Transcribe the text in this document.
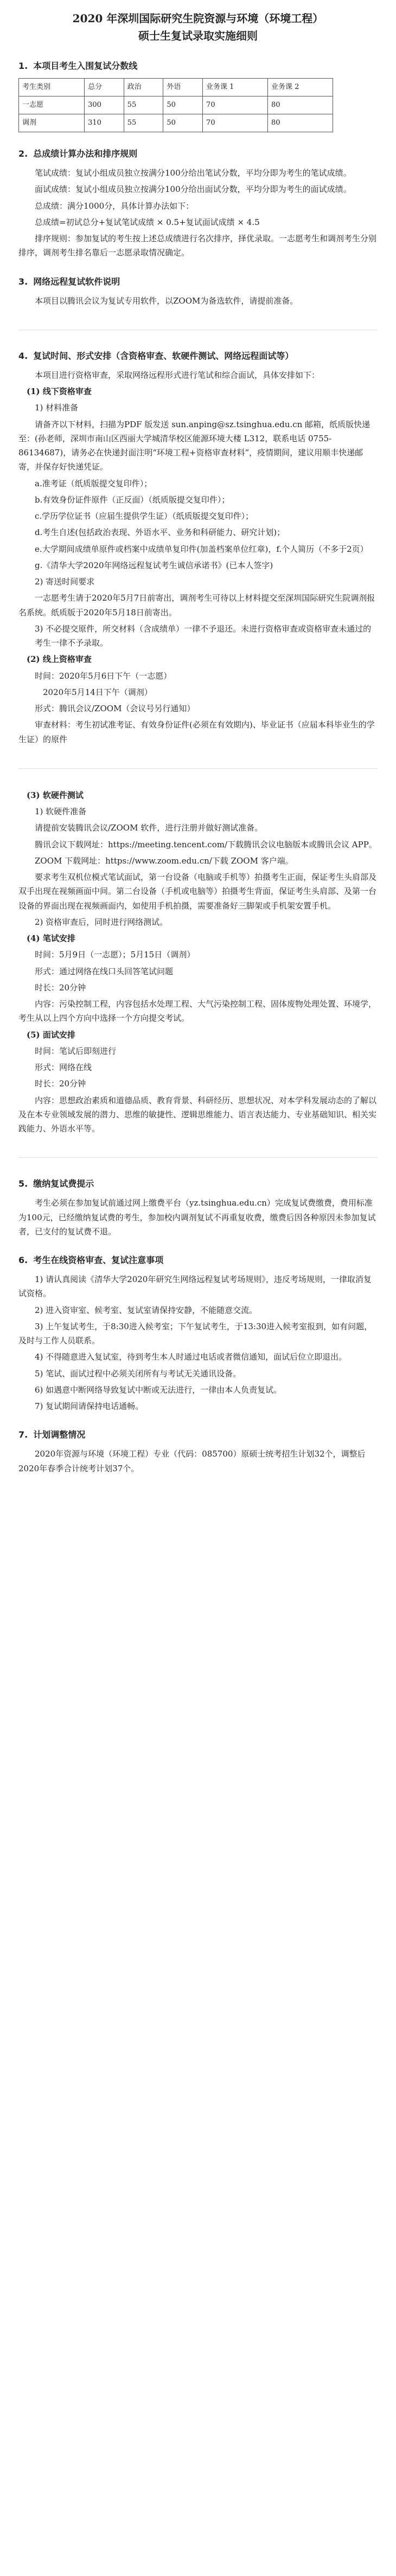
2020 年深圳国际研究生院资源与环境（环境工程）
硕士生复试录取实施细则
1. 本项目考生入围复试分数线
考生类别	总分	政治	外语	业务课 1	业务课 2
一志愿	300	55	50	70	80
调剂	310	55	50	70	80
2. 总成绩计算办法和排序规则

笔试成绩：复试小组成员独立按满分100分给出笔试分数，平均分即为考生的笔试成绩。

面试成绩：复试小组成员独立按满分100分给出面试分数，平均分即为考生的面试成绩。

总成绩：满分1000分，具体计算办法如下：

总成绩=初试总分+复试笔试成绩 × 0.5+复试面试成绩 × 4.5

排序规则：参加复试的考生按上述总成绩进行名次排序，择优录取。一志愿考生和调剂考生分别排序，调剂考生排名靠后一志愿录取情况确定。

3. 网络远程复试软件说明

本项目以腾讯会议为复试专用软件，以ZOOM为备选软件，请提前准备。

4. 复试时间、形式安排（含资格审查、软硬件测试、网络远程面试等）

本项目进行资格审查，采取网络远程形式进行笔试和综合面试，具体安排如下：

(1) 线下资格审查

1) 材料准备

请备齐以下材料，扫描为PDF 版发送 sun.anping@sz.tsinghua.edu.cn 邮箱，纸质版快递至：(孙老师，深圳市南山区西丽大学城清华校区能源环境大楼 L312，联系电话 0755-86134687)，请务必在快递封面注明“环境工程+资格审查材料”，疫情期间，建议用顺丰快递邮寄，并保存好快递凭证。

a.准考证（纸质版提交复印件）；

b.有效身份证件原件（正反面）（纸质版提交复印件）；

c.学历学位证书（应届生提供学生证）（纸质版提交复印件）；

d.考生自述(包括政治表现、外语水平、业务和科研能力、研究计划)；

e.大学期间成绩单原件或档案中成绩单复印件(加盖档案单位红章)，f.个人简历（不多于2页）

g.《清华大学2020年网络远程复试考生诚信承诺书》(已本人签字)

2) 寄送时间要求

一志愿考生请于2020年5月7日前寄出，调剂考生可待以上材料提交至深圳国际研究生院调剂报名系统。纸质版于2020年5月18日前寄出。

3) 不必提交原件，所交材料（含成绩单）一律不予退还。未进行资格审查或资格审查未通过的考生一律不予录取。

(2) 线上资格审查

时间：2020年5月6日下午（一志愿）

2020年5月14日下午（调剂）

形式：腾讯会议/ZOOM（会议号另行通知）

审查材料：考生初试准考证、有效身份证件(必须在有效期内)、毕业证书（应届本科毕业生的学生证）的原件

(3) 软硬件测试

1) 软硬件准备

请提前安装腾讯会议/ZOOM 软件，进行注册并做好测试准备。

腾讯会议下载网址：https://meeting.tencent.com/下载腾讯会议电脑版本或腾讯会议 APP。

ZOOM 下载网址：https://www.zoom.edu.cn/下载 ZOOM 客户端。

要求考生双机位模式笔试面试，第一台设备（电脑或手机等）拍摄考生正面，保证考生头肩部及双手出现在视频画面中间。第二台设备（手机或电脑等）拍摄考生背面，保证考生头肩部、及第一台设备的界面出现在视频画面内，如使用手机拍摄，需要准备好三脚架或手机架安置手机。

2) 资格审查后，同时进行网络测试。

(4) 笔试安排

时间：5月9日（一志愿）；5月15日（调剂）

形式：通过网络在线口头回答笔试问题

时长：20分钟

内容：污染控制工程，内容包括水处理工程、大气污染控制工程、固体废物处理处置、环境学，考生从以上四个方向中选择一个方向提交考试。

(5) 面试安排

时间：笔试后即刻进行

形式：网络在线

时长：20分钟

内容：思想政治素质和道德品质、教育背景、科研经历、思想状况、对本学科发展动态的了解以及在本专业领域发展的潜力、思维的敏捷性、逻辑思维能力、语言表达能力、专业基础知识、相关实践能力、外语水平等。

5. 缴纳复试费提示

考生必须在参加复试前通过网上缴费平台（yz.tsinghua.edu.cn）完成复试费缴费，费用标准为100元，已经缴纳复试费的考生，参加校内调剂复试不再重复收费，缴费后因各种原因未参加复试者，已支付的复试费不退。

6. 考生在线资格审查、复试注意事项

1) 请认真阅读《清华大学2020年研究生网络远程复试考场规则》，违反考场规则，一律取消复试资格。

2) 进入资审室、候考室、复试室请保持安静，不能随意交流。

3) 上午复试考生，于8:30进入候考室；下午复试考生，于13:30进入候考室报到，如有问题，及时与工作人员联系。

4) 不得随意进入复试室，待到考生本人时通过电话或者微信通知，面试后位立即退出。

5) 笔试、面试过程中必须关闭所有与考试无关通讯设备。

6) 如遇意中断网络导致复试中断或无法进行，一律由本人负责复试。

7) 复试期间请保持电话通畅。

7. 计划调整情况

2020年资源与环境（环境工程）专业（代码：085700）原硕士统考招生计划32个，调整后2020年春季合计统考计划37个。
